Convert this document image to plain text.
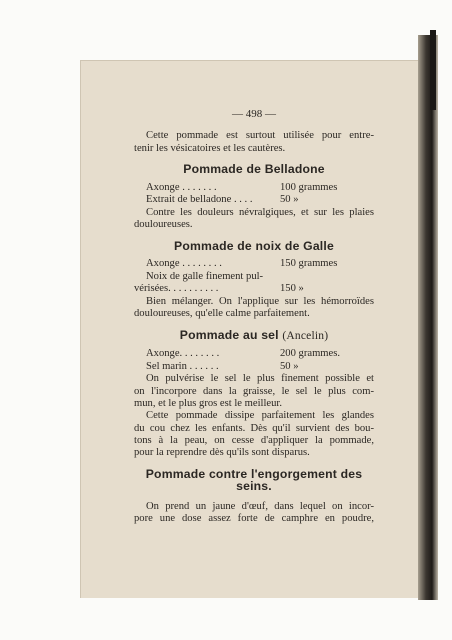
— 498 —
Cette pommade est surtout utilisée pour entre-
tenir les vésicatoires et les cautères.
Pommade de Belladone
Axonge . . . . . . .	100 grammes
Extrait de belladone . . . .	50 »
Contre les douleurs névralgiques, et sur les plaies
douloureuses.
Pommade de noix de Galle
Axonge . . . . . . . .	150 grammes
Noix de galle finement pul-
vérisées. . . . . . . . . .	150 »
Bien mélanger. On l'applique sur les hémorroïdes
douloureuses, qu'elle calme parfaitement.
Pommade au sel (Ancelin)
Axonge. . . . . . . .	200 grammes.
Sel marin . . . . . .	50 »
On pulvérise le sel le plus finement possible et
on l'incorpore dans la graisse, le sel le plus com-
mun, et le plus gros est le meilleur.
Cette pommade dissipe parfaitement les glandes
du cou chez les enfants. Dès qu'il survient des bou-
tons à la peau, on cesse d'appliquer la pommade,
pour la reprendre dès qu'ils sont disparus.
Pommade contre l'engorgement des
seins.
On prend un jaune d'œuf, dans lequel on incor-
pore une dose assez forte de camphre en poudre,
